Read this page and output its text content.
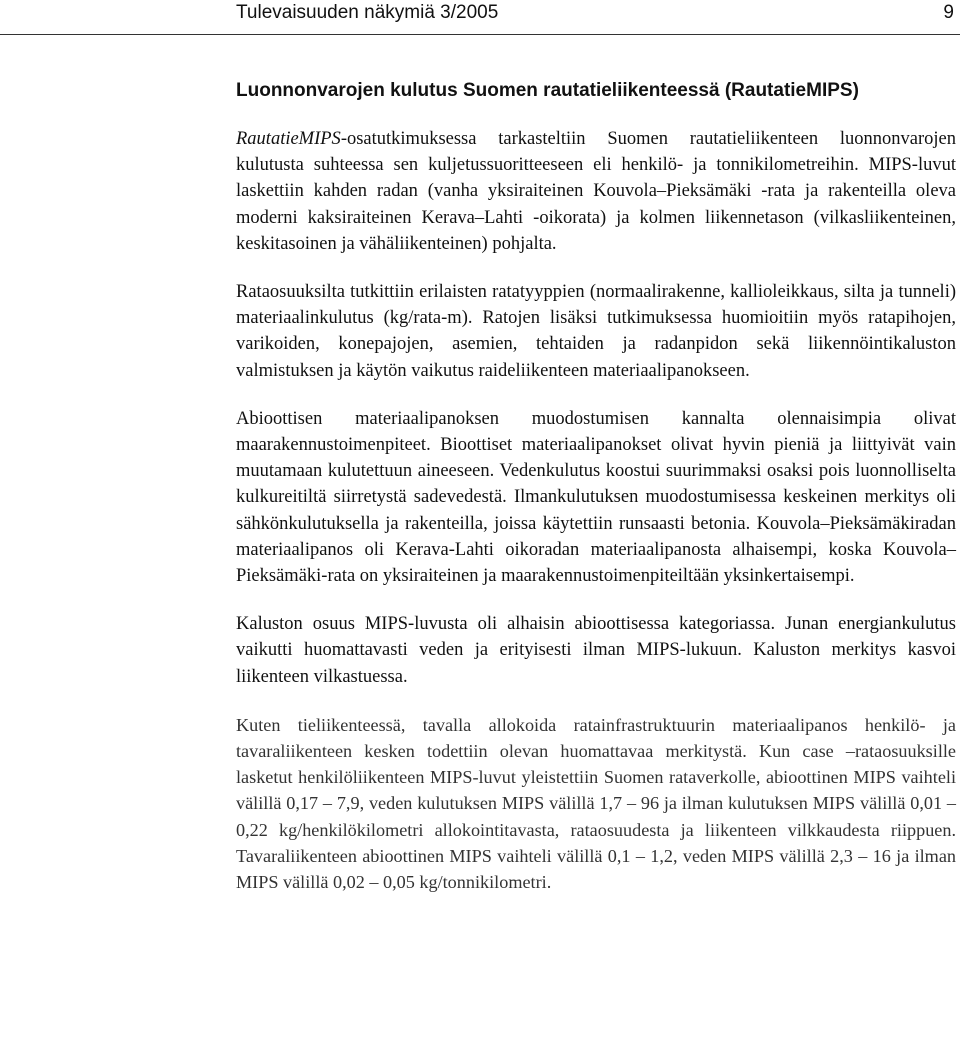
Tulevaisuuden näkymiä 3/2005	9
Luonnonvarojen kulutus Suomen rautatieliikenteessä (RautatieMIPS)

RautatieMIPS-osatutkimuksessa tarkasteltiin Suomen rautatieliikenteen luonnonvarojen kulutusta suhteessa sen kuljetussuoritteeseen eli henkilö- ja tonnikilometreihin. MIPS-luvut laskettiin kahden radan (vanha yksiraiteinen Kouvola–Pieksämäki -rata ja rakenteilla oleva moderni kaksiraiteinen Kerava–Lahti -oikorata) ja kolmen liikennetason (vilkasliikenteinen, keskitasoinen ja vähäliikenteinen) pohjalta.

Rataosuuksilta tutkittiin erilaisten ratatyyppien (normaalirakenne, kallioleikkaus, silta ja tunneli) materiaalinkulutus (kg/rata-m). Ratojen lisäksi tutkimuksessa huomioitiin myös ratapihojen, varikoiden, konepajojen, asemien, tehtaiden ja radanpidon sekä liikennöintikaluston valmistuksen ja käytön vaikutus raideliikenteen materiaalipanokseen.

Abioottisen materiaalipanoksen muodostumisen kannalta olennaisimpia olivat maarakennustoimenpiteet. Bioottiset materiaalipanokset olivat hyvin pieniä ja liittyivät vain muutamaan kulutettuun aineeseen. Vedenkulutus koostui suurimmaksi osaksi pois luonnolliselta kulkureitiltä siirretystä sadevedestä. Ilmankulutuksen muodostumisessa keskeinen merkitys oli sähkönkulutuksella ja rakenteilla, joissa käytettiin runsaasti betonia. Kouvola–Pieksämäkiradan materiaalipanos oli Kerava-Lahti oikoradan materiaalipanosta alhaisempi, koska Kouvola–Pieksämäki-rata on yksiraiteinen ja maarakennustoimenpiteiltään yksinkertaisempi.

Kaluston osuus MIPS-luvusta oli alhaisin abioottisessa kategoriassa. Junan energiankulutus vaikutti huomattavasti veden ja erityisesti ilman MIPS-lukuun. Kaluston merkitys kasvoi liikenteen vilkastuessa.

Kuten tieliikenteessä, tavalla allokoida ratainfrastruktuurin materiaalipanos henkilö- ja tavaraliikenteen kesken todettiin olevan huomattavaa merkitystä. Kun case –rataosuuksille lasketut henkilöliikenteen MIPS-luvut yleistettiin Suomen rataverkolle, abioottinen MIPS vaihteli välillä 0,17 – 7,9, veden kulutuksen MIPS välillä 1,7 – 96 ja ilman kulutuksen MIPS välillä 0,01 – 0,22 kg/henkilökilometri allokointitavasta, rataosuudesta ja liikenteen vilkkaudesta riippuen. Tavaraliikenteen abioottinen MIPS vaihteli välillä 0,1 – 1,2, veden MIPS välillä 2,3 – 16 ja ilman MIPS välillä 0,02 – 0,05 kg/tonnikilometri.
